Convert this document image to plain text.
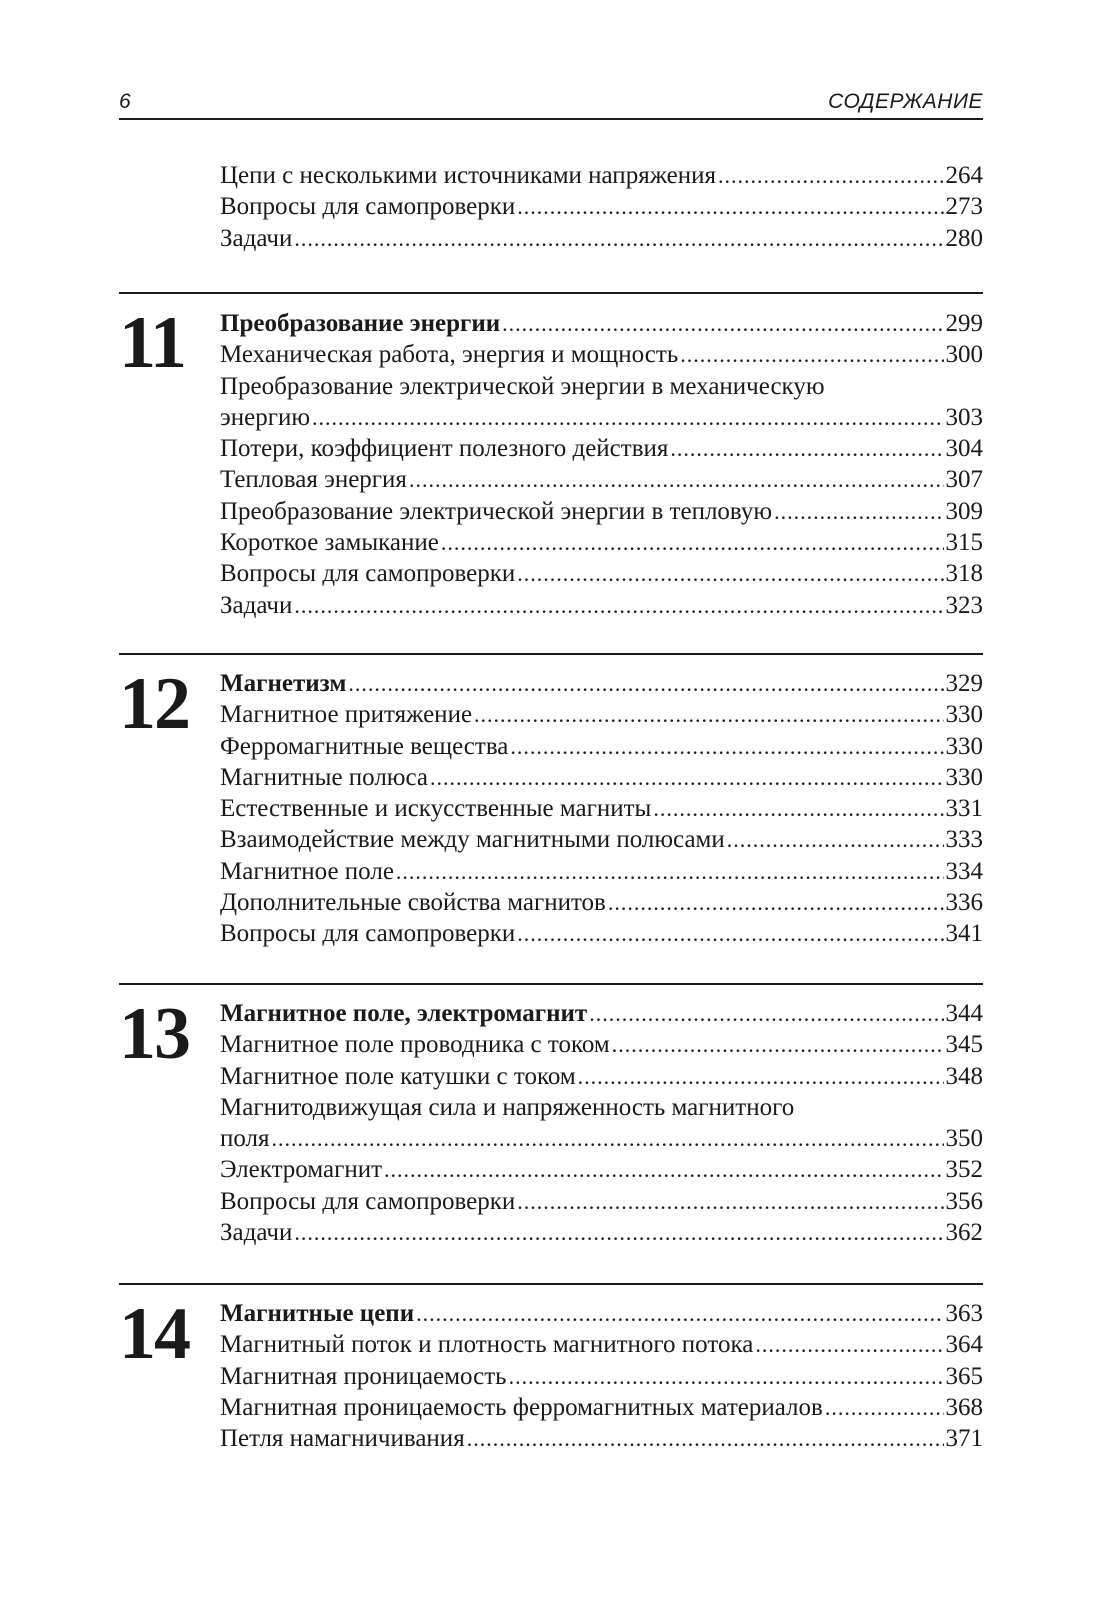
6	СОДЕРЖАНИЕ
Цепи с несколькими источниками напряжения .....	264
Вопросы для самопроверки .....	273
Задачи .....	280
11 Преобразование энергии .....	299
Механическая работа, энергия и мощность .....	300
Преобразование электрической энергии в механическую
энергию .....	303
Потери, коэффициент полезного действия .....	304
Тепловая энергия .....	307
Преобразование электрической энергии в тепловую .....	309
Короткое замыкание .....	315
Вопросы для самопроверки .....	318
Задачи .....	323
12 Магнетизм .....	329
Магнитное притяжение .....	330
Ферромагнитные вещества .....	330
Магнитные полюса .....	330
Естественные и искусственные магниты .....	331
Взаимодействие между магнитными полюсами .....	333
Магнитное поле .....	334
Дополнительные свойства магнитов .....	336
Вопросы для самопроверки .....	341
13 Магнитное поле, электромагнит .....	344
Магнитное поле проводника с током .....	345
Магнитное поле катушки с током .....	348
Магнитодвижущая сила и напряженность магнитного
поля .....	350
Электромагнит .....	352
Вопросы для самопроверки .....	356
Задачи .....	362
14 Магнитные цепи .....	363
Магнитный поток и плотность магнитного потока .....	364
Магнитная проницаемость .....	365
Магнитная проницаемость ферромагнитных материалов .....	368
Петля намагничивания .....	371
